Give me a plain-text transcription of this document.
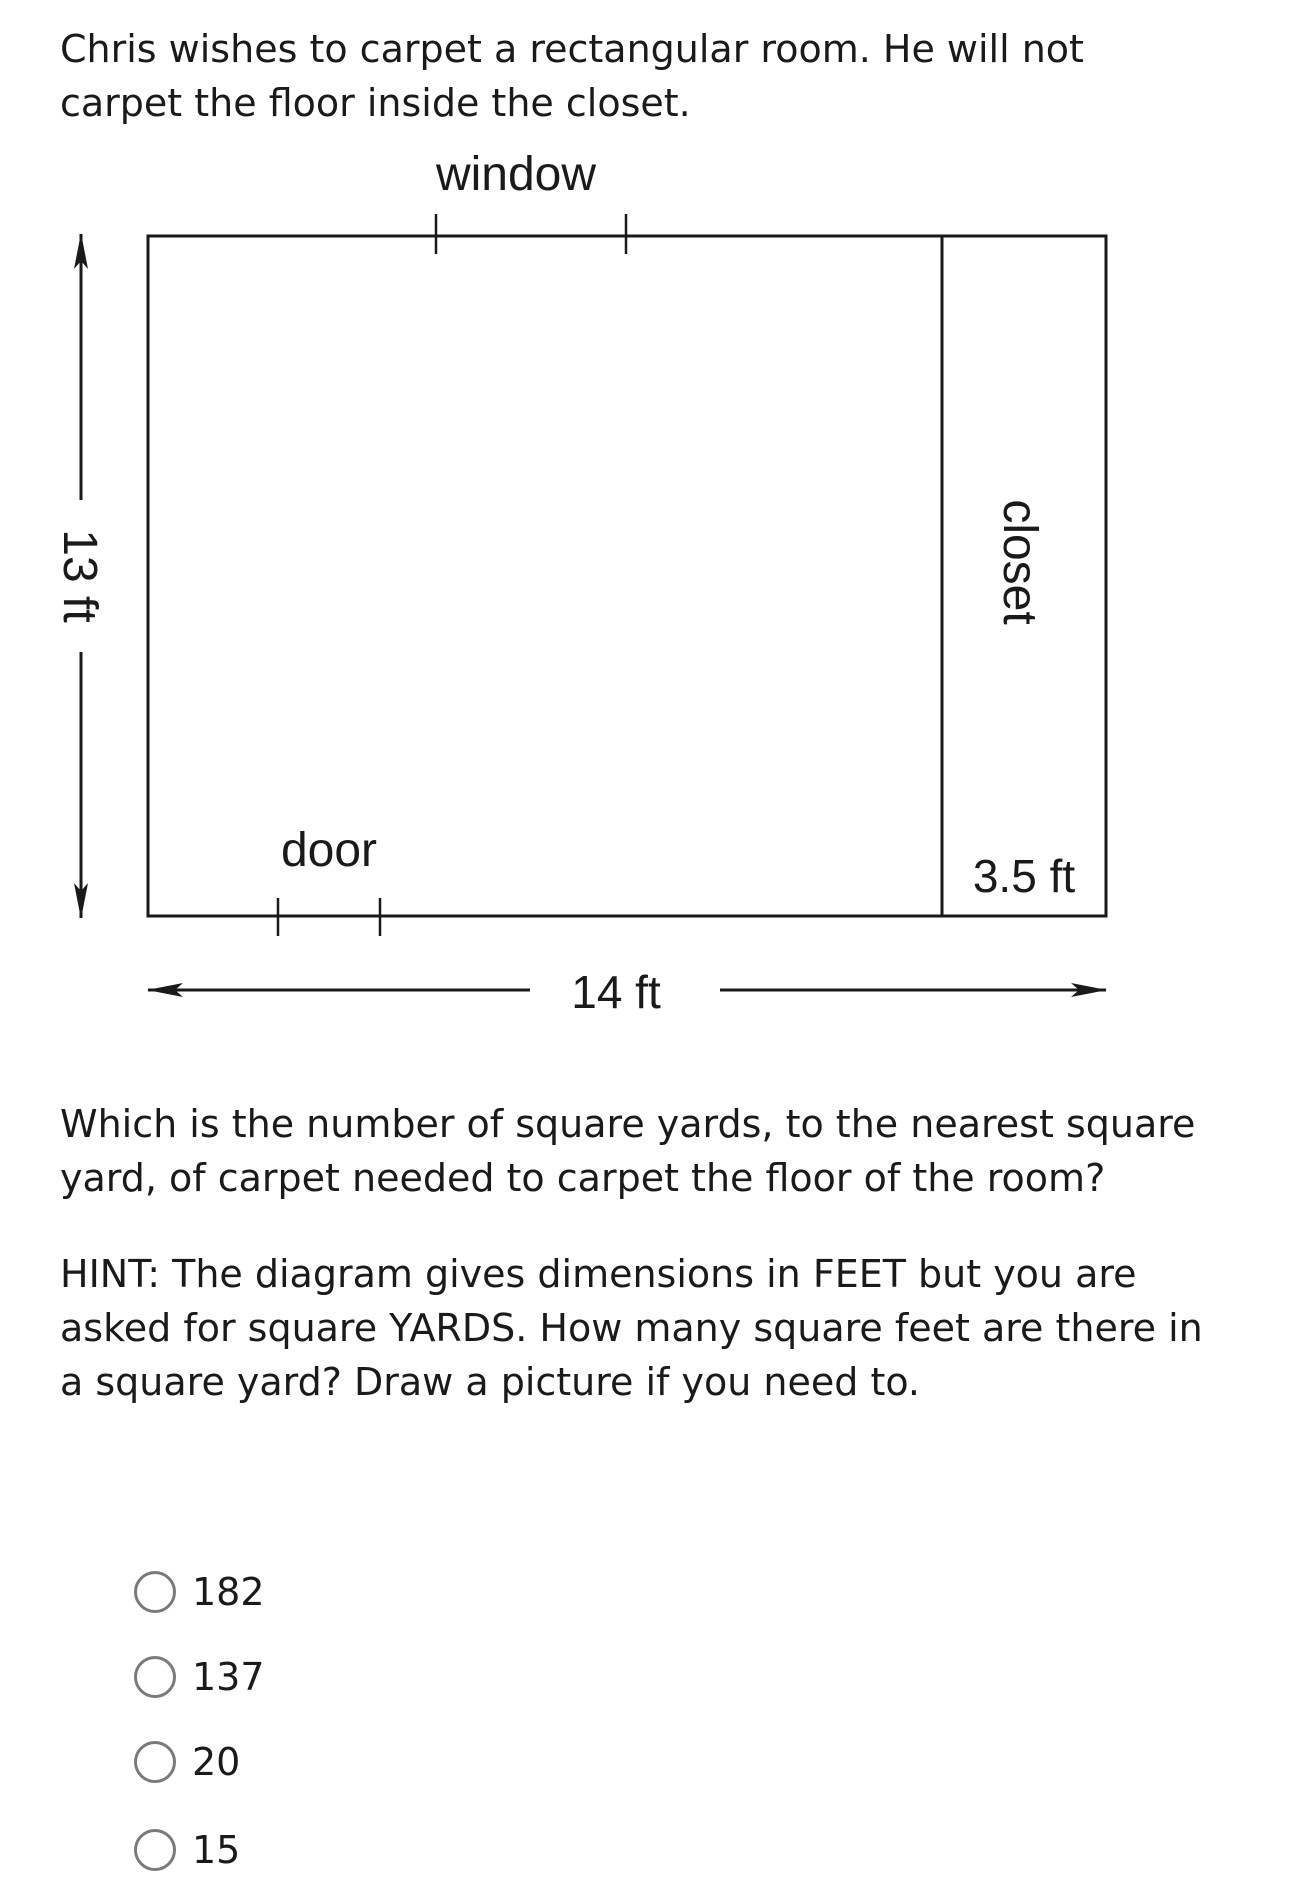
Chris wishes to carpet a rectangular room. He will not
carpet the floor inside the closet.

window
door
closet
3.5 ft
13 ft
14 ft

Which is the number of square yards, to the nearest square
yard, of carpet needed to carpet the floor of the room?

HINT: The diagram gives dimensions in FEET but you are
asked for square YARDS. How many square feet are there in
a square yard? Draw a picture if you need to.

182
137
20
15
